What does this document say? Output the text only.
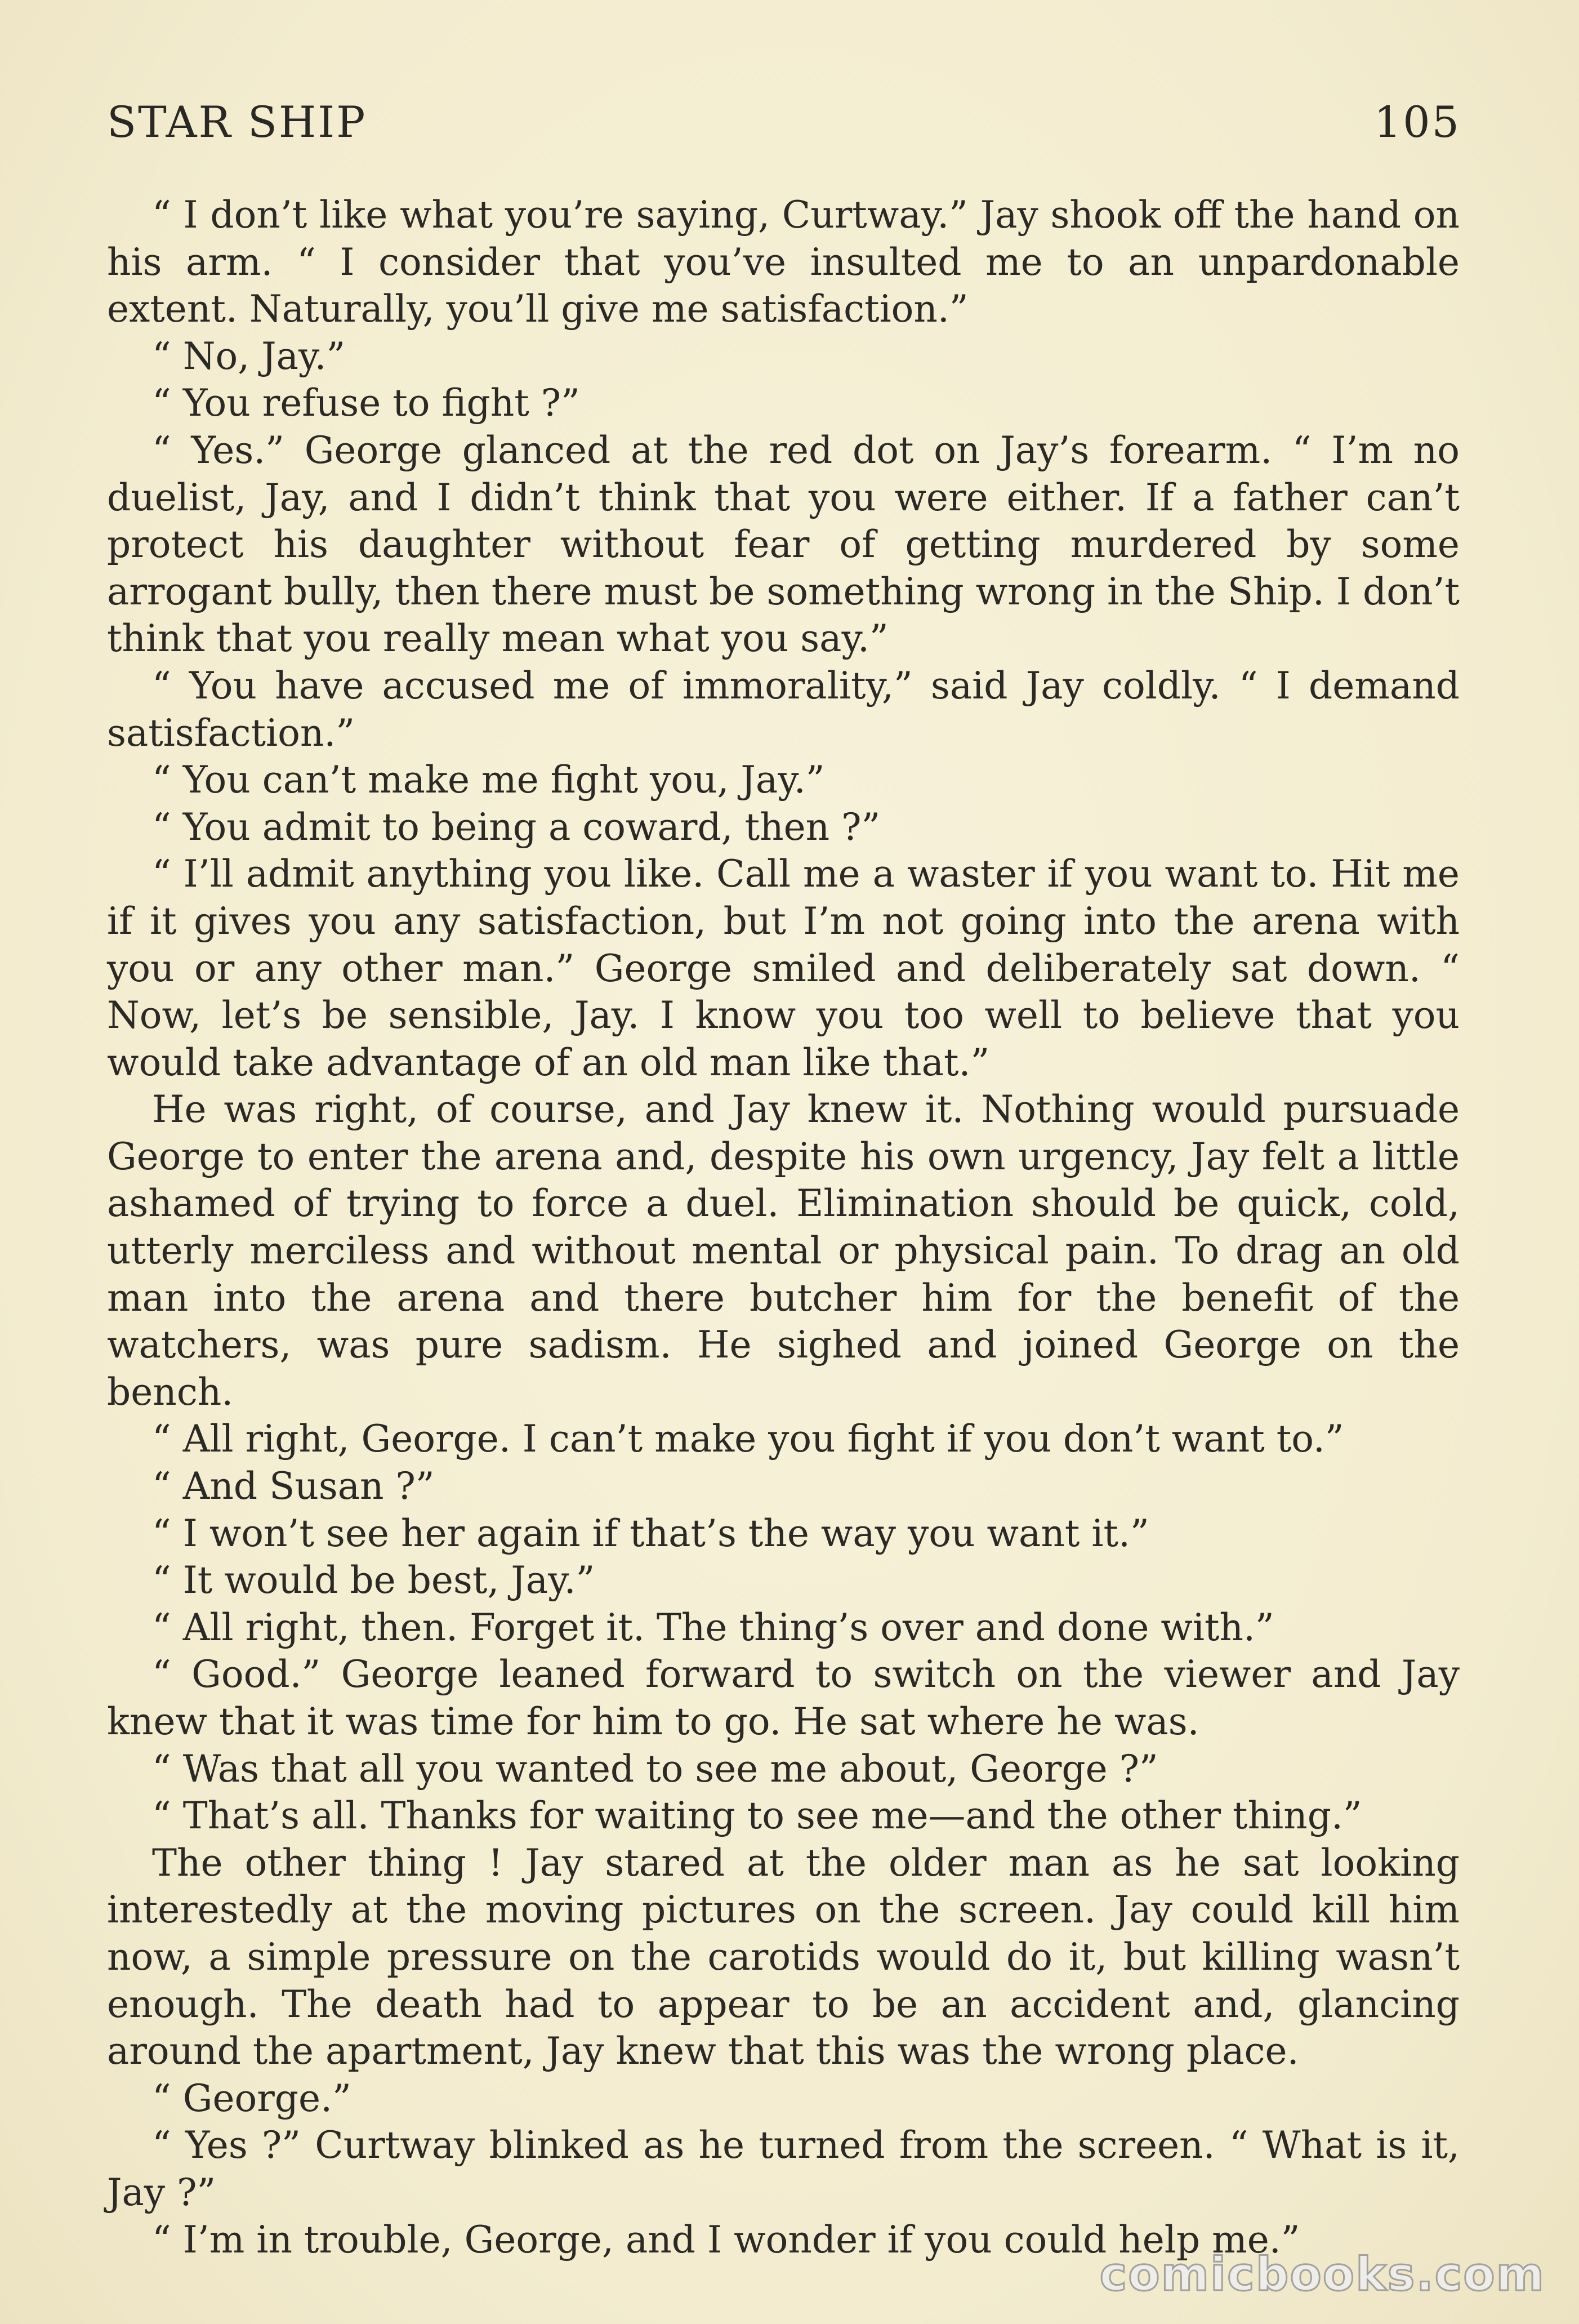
STAR SHIP	105

“ I don’t like what you’re saying, Curtway.” Jay shook off the hand on his arm. “ I consider that you’ve insulted me to an unpardonable extent. Naturally, you’ll give me satisfaction.”

“ No, Jay.”

“ You refuse to fight ?”

“ Yes.” George glanced at the red dot on Jay’s forearm. “ I’m no duelist, Jay, and I didn’t think that you were either. If a father can’t protect his daughter without fear of getting murdered by some arrogant bully, then there must be something wrong in the Ship. I don’t think that you really mean what you say.”

“ You have accused me of immorality,” said Jay coldly. “ I demand satisfaction.”

“ You can’t make me fight you, Jay.”

“ You admit to being a coward, then ?”

“ I’ll admit anything you like. Call me a waster if you want to. Hit me if it gives you any satisfaction, but I’m not going into the arena with you or any other man.” George smiled and deliberately sat down. “ Now, let’s be sensible, Jay. I know you too well to believe that you would take advantage of an old man like that.”

He was right, of course, and Jay knew it. Nothing would pursuade George to enter the arena and, despite his own urgency, Jay felt a little ashamed of trying to force a duel. Elimination should be quick, cold, utterly merciless and without mental or physical pain. To drag an old man into the arena and there butcher him for the benefit of the watchers, was pure sadism. He sighed and joined George on the bench.

“ All right, George. I can’t make you fight if you don’t want to.”

“ And Susan ?”

“ I won’t see her again if that’s the way you want it.”

“ It would be best, Jay.”

“ All right, then. Forget it. The thing’s over and done with.”

“ Good.” George leaned forward to switch on the viewer and Jay knew that it was time for him to go. He sat where he was.

“ Was that all you wanted to see me about, George ?”

“ That’s all. Thanks for waiting to see me—and the other thing.”

The other thing ! Jay stared at the older man as he sat looking interestedly at the moving pictures on the screen. Jay could kill him now, a simple pressure on the carotids would do it, but killing wasn’t enough. The death had to appear to be an accident and, glancing around the apartment, Jay knew that this was the wrong place.

“ George.”

“ Yes ?” Curtway blinked as he turned from the screen. “ What is it, Jay ?”

“ I’m in trouble, George, and I wonder if you could help me.”

comicbooks.com
